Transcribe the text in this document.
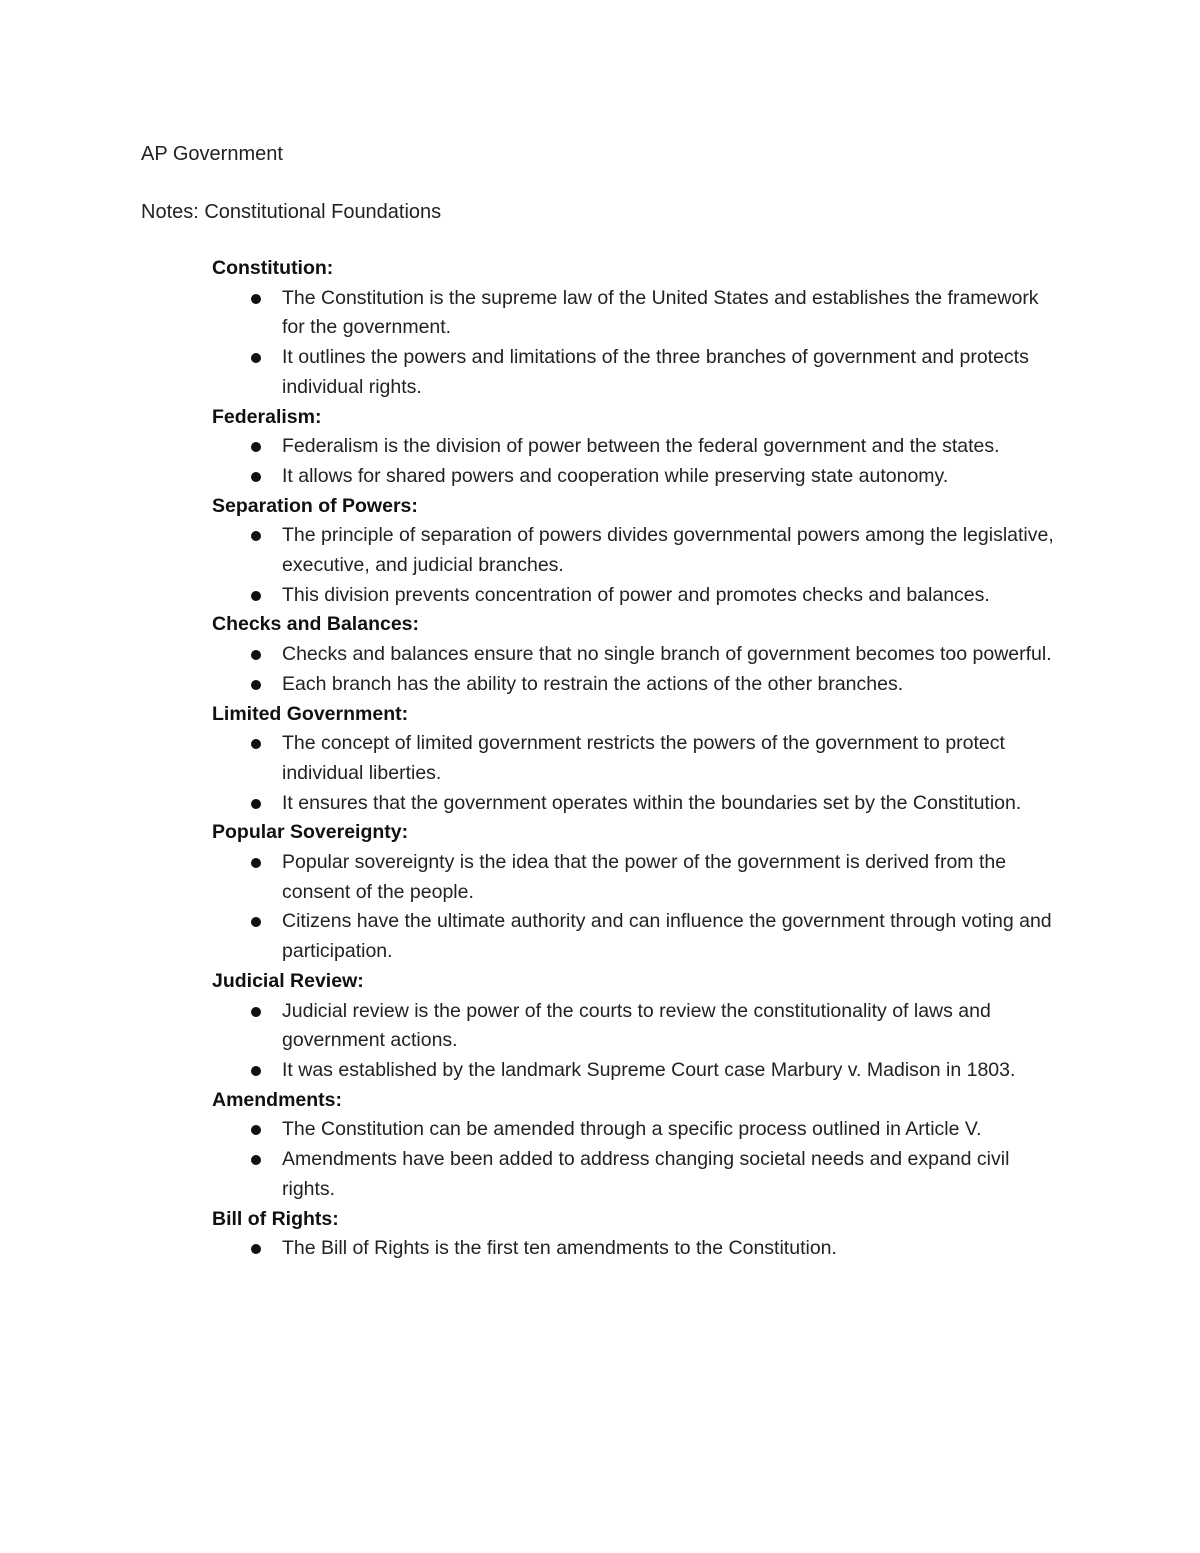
AP Government
Notes: Constitutional Foundations
Constitution:
The Constitution is the supreme law of the United States and establishes the framework for the government.
It outlines the powers and limitations of the three branches of government and protects individual rights.
Federalism:
Federalism is the division of power between the federal government and the states.
It allows for shared powers and cooperation while preserving state autonomy.
Separation of Powers:
The principle of separation of powers divides governmental powers among the legislative, executive, and judicial branches.
This division prevents concentration of power and promotes checks and balances.
Checks and Balances:
Checks and balances ensure that no single branch of government becomes too powerful.
Each branch has the ability to restrain the actions of the other branches.
Limited Government:
The concept of limited government restricts the powers of the government to protect individual liberties.
It ensures that the government operates within the boundaries set by the Constitution.
Popular Sovereignty:
Popular sovereignty is the idea that the power of the government is derived from the consent of the people.
Citizens have the ultimate authority and can influence the government through voting and participation.
Judicial Review:
Judicial review is the power of the courts to review the constitutionality of laws and government actions.
It was established by the landmark Supreme Court case Marbury v. Madison in 1803.
Amendments:
The Constitution can be amended through a specific process outlined in Article V.
Amendments have been added to address changing societal needs and expand civil rights.
Bill of Rights:
The Bill of Rights is the first ten amendments to the Constitution.
